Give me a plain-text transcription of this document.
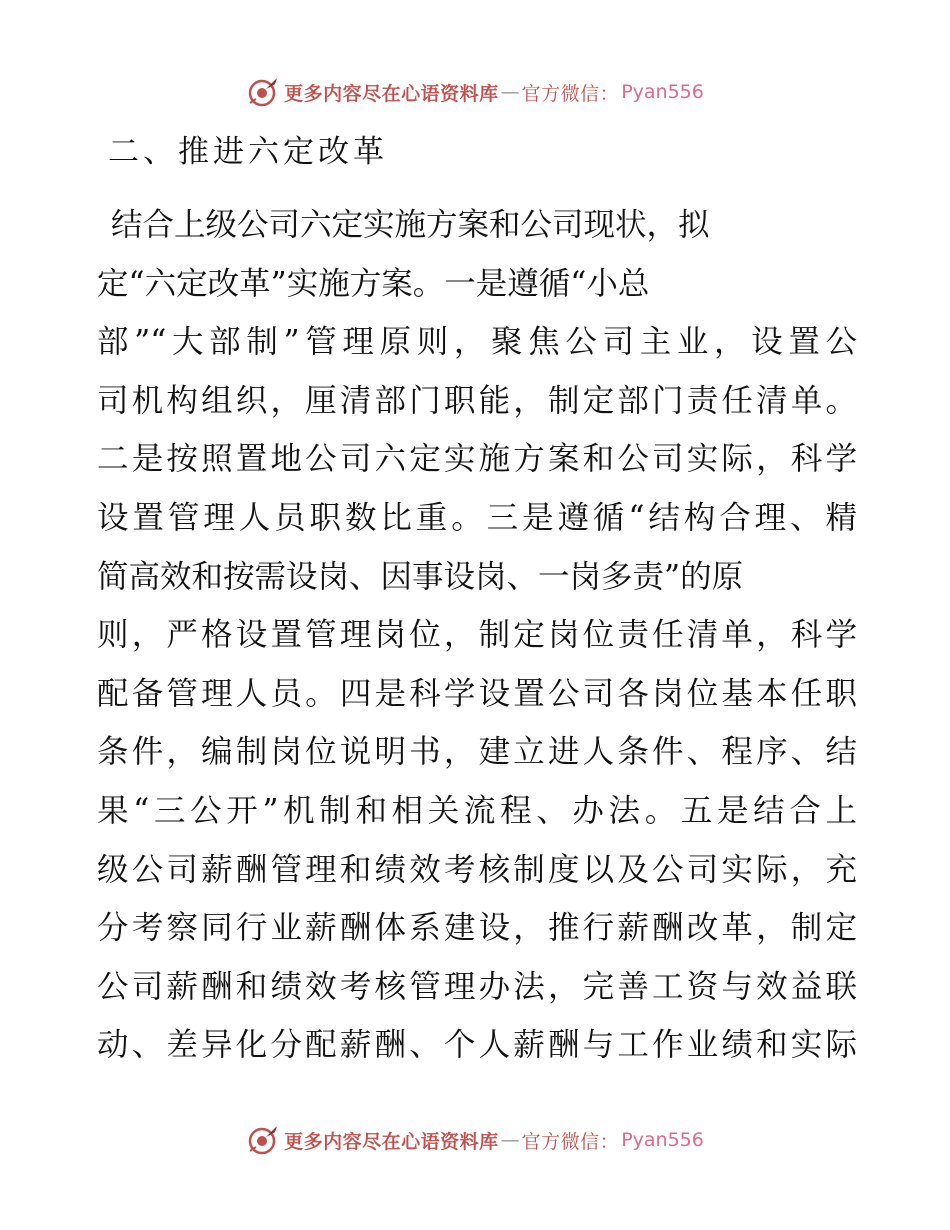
更多内容尽在心语资料库 — 官方微信： Pyan556
二、推进六定改革
结合上级公司六定实施方案和公司现状，拟
定“六定改革”实施方案。一是遵循“小总
部”“大部制”管理原则，聚焦公司主业，设置公
司机构组织，厘清部门职能，制定部门责任清单。
二是按照置地公司六定实施方案和公司实际，科学
设置管理人员职数比重。三是遵循“结构合理、精
简高效和按需设岗、因事设岗、一岗多责”的原
则，严格设置管理岗位，制定岗位责任清单，科学
配备管理人员。四是科学设置公司各岗位基本任职
条件，编制岗位说明书，建立进人条件、程序、结
果“三公开”机制和相关流程、办法。五是结合上
级公司薪酬管理和绩效考核制度以及公司实际，充
分考察同行业薪酬体系建设，推行薪酬改革，制定
公司薪酬和绩效考核管理办法，完善工资与效益联
动、差异化分配薪酬、个人薪酬与工作业绩和实际
更多内容尽在心语资料库 — 官方微信： Pyan556
